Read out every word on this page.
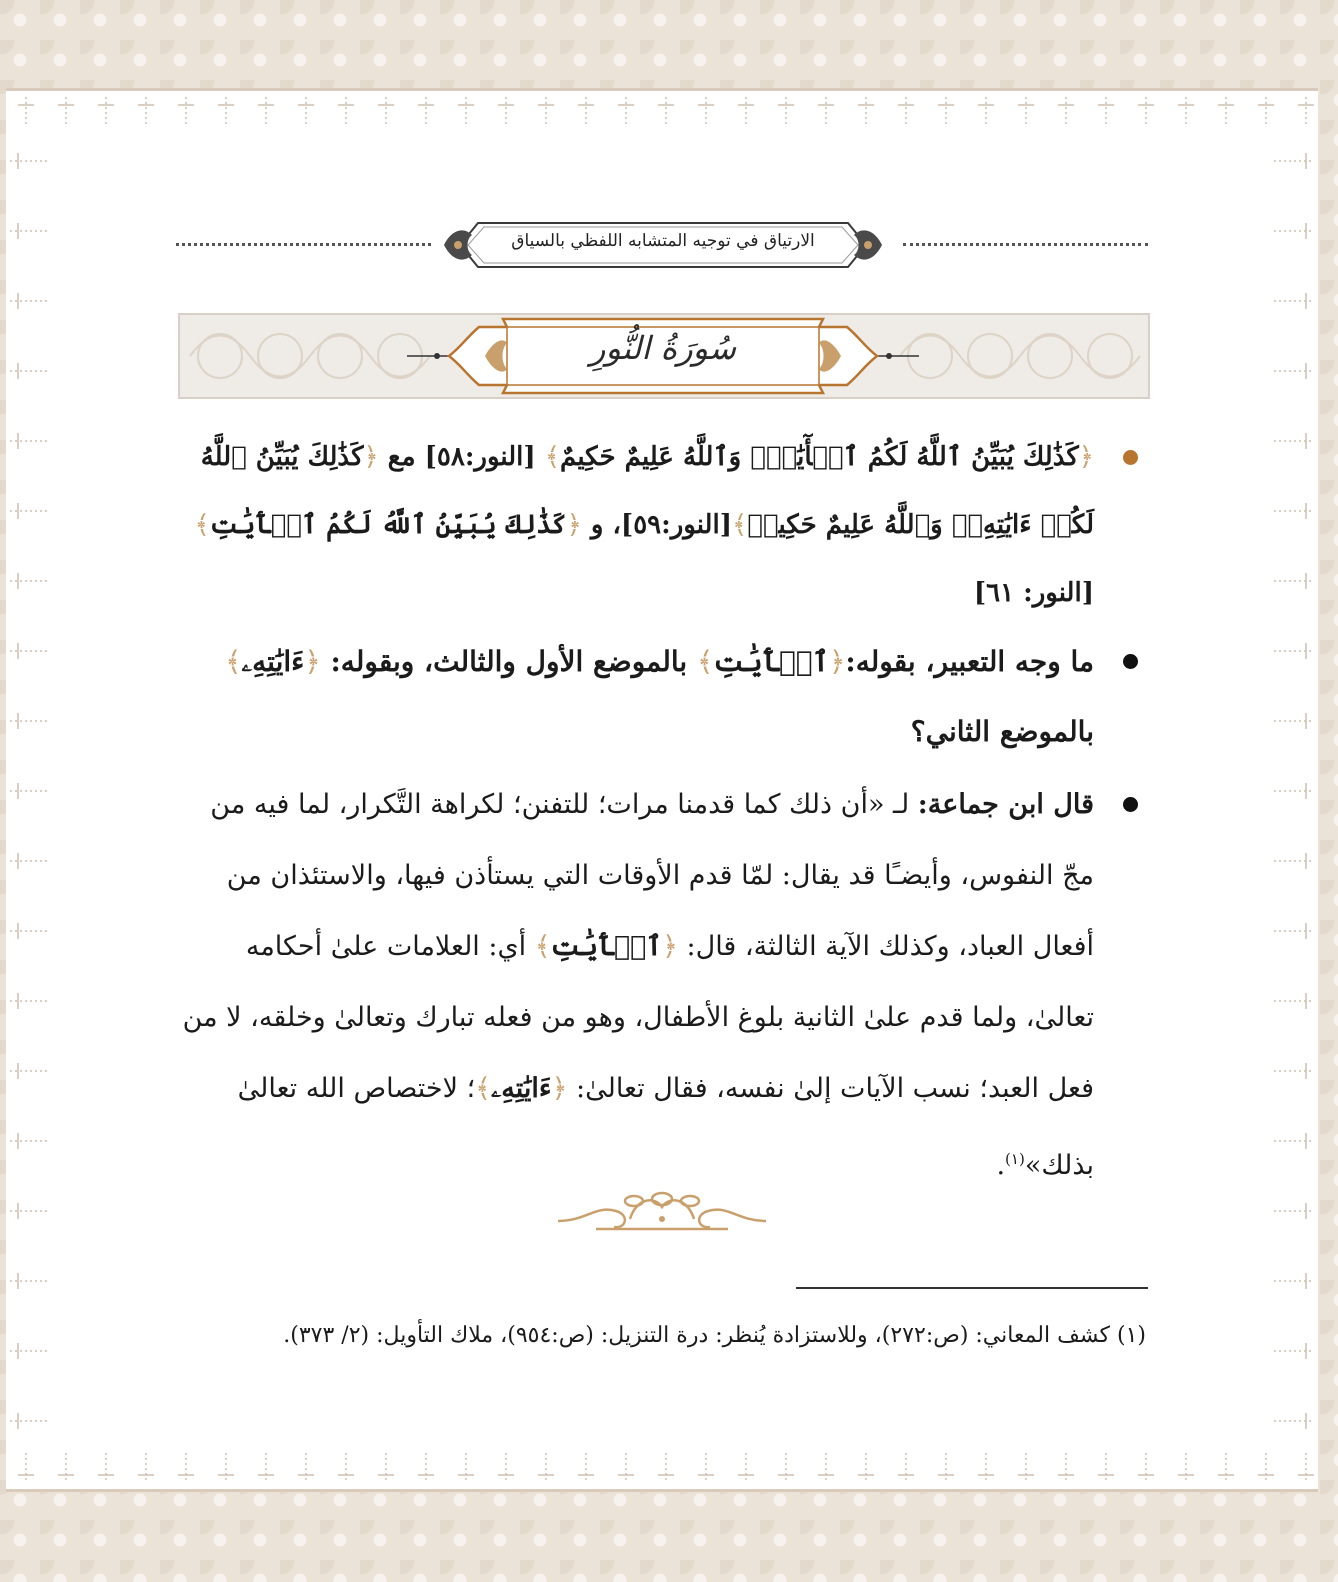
الارتياق في توجيه المتشابه اللفظي بالسياق
سُورَةُ النُّورِ
﴿كَذَٰلِكَ يُبَيِّنُ ٱللَّهُ لَكُمُ ٱلۡأٓيَٰتِۗ وَٱللَّهُ عَلِيمٌ حَكِيمٌ﴾ [النور:٥٨] مع ﴿كَذَٰلِكَ يُبَيِّنُ ٱللَّهُ لَكُمۡ ءَايَٰتِهِۦۗ وَٱللَّهُ عَلِيمٌ حَكِيمٞ﴾[النور:٥٩]، و ﴿كَذَٰلِكَ يُبَيِّنُ ٱللَّهُ لَكُمُ ٱلۡأٓيَٰتِ﴾ [النور: ٦١]
ما وجه التعبير، بقوله:﴿ٱلۡأٓيَٰتِ﴾ بالموضع الأول والثالث، وبقوله: ﴿ءَايَٰتِهِۦ﴾ بالموضع الثاني؟
قال ابن جماعة: لـ «أن ذلك كما قدمنا مرات؛ للتفنن؛ لكراهة التَّكرار، لما فيه من مجّ النفوس، وأيضـًا قد يقال: لمّا قدم الأوقات التي يستأذن فيها، والاستئذان من أفعال العباد، وكذلك الآية الثالثة، قال: ﴿ٱلۡأٓيَٰتِ﴾ أي: العلامات علىٰ أحكامه تعالىٰ، ولما قدم علىٰ الثانية بلوغ الأطفال، وهو من فعله تبارك وتعالىٰ وخلقه، لا من فعل العبد؛ نسب الآيات إلىٰ نفسه، فقال تعالىٰ: ﴿ءَايَٰتِهِۦ﴾؛ لاختصاص الله تعالىٰ بذلك»$^{(١)}$.
(١) كشف المعاني: (ص:٢٧٢)، وللاستزادة يُنظر: درة التنزيل: (ص:٩٥٤)، ملاك التأويل: (٢/ ٣٧٣).
